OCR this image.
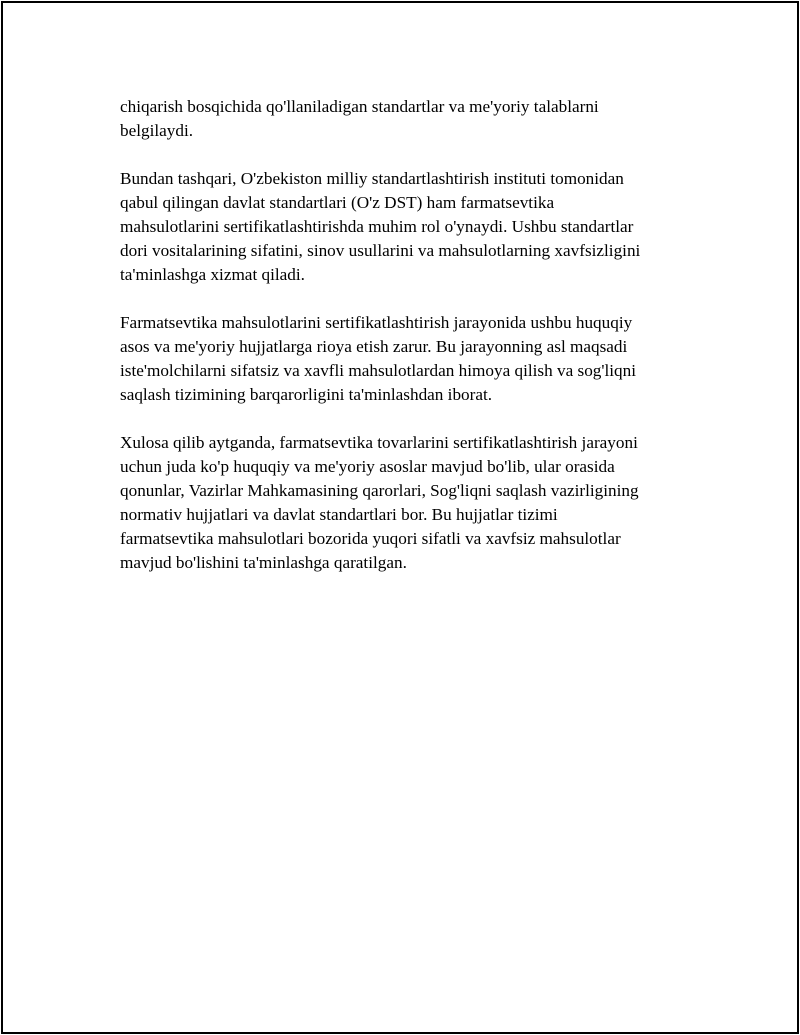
chiqarish bosqichida qo'llaniladigan standartlar va me'yoriy talablarni
belgilaydi.

Bundan tashqari, O'zbekiston milliy standartlashtirish instituti tomonidan
qabul qilingan davlat standartlari (O'z DST) ham farmatsevtika
mahsulotlarini sertifikatlashtirishda muhim rol o'ynaydi. Ushbu standartlar
dori vositalarining sifatini, sinov usullarini va mahsulotlarning xavfsizligini
ta'minlashga xizmat qiladi.

Farmatsevtika mahsulotlarini sertifikatlashtirish jarayonida ushbu huquqiy
asos va me'yoriy hujjatlarga rioya etish zarur. Bu jarayonning asl maqsadi
iste'molchilarni sifatsiz va xavfli mahsulotlardan himoya qilish va sog'liqni
saqlash tizimining barqarorligini ta'minlashdan iborat.

Xulosa qilib aytganda, farmatsevtika tovarlarini sertifikatlashtirish jarayoni
uchun juda ko'p huquqiy va me'yoriy asoslar mavjud bo'lib, ular orasida
qonunlar, Vazirlar Mahkamasining qarorlari, Sog'liqni saqlash vazirligining
normativ hujjatlari va davlat standartlari bor. Bu hujjatlar tizimi
farmatsevtika mahsulotlari bozorida yuqori sifatli va xavfsiz mahsulotlar
mavjud bo'lishini ta'minlashga qaratilgan.
